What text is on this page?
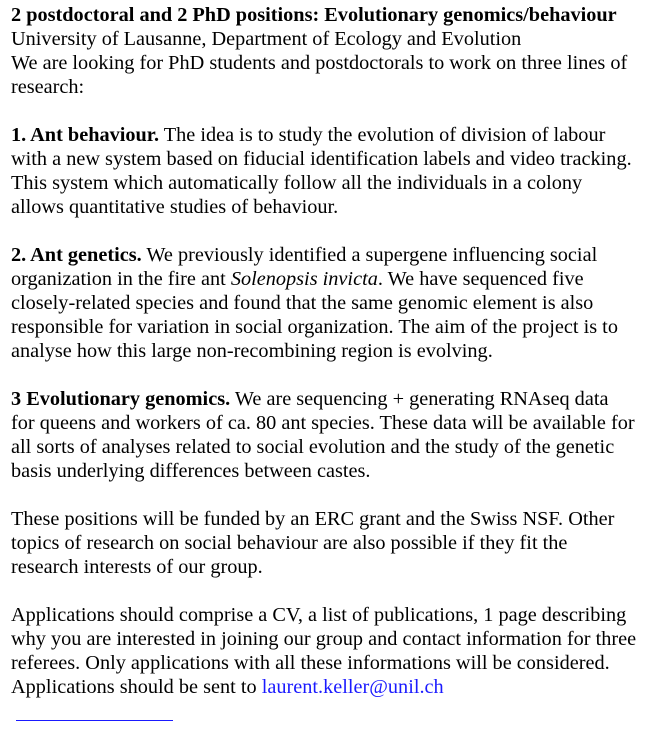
2 postdoctoral and 2 PhD positions: Evolutionary genomics/behaviour
University of Lausanne, Department of Ecology and Evolution
We are looking for PhD students and postdoctorals to work on three lines of
research:
1. Ant behaviour. The idea is to study the evolution of division of labour
with a new system based on fiducial identification labels and video tracking.
This system which automatically follow all the individuals in a colony
allows quantitative studies of behaviour.
2. Ant genetics. We previously identified a supergene influencing social
organization in the fire ant Solenopsis invicta. We have sequenced five
closely-related species and found that the same genomic element is also
responsible for variation in social organization. The aim of the project is to
analyse how this large non-recombining region is evolving.
3 Evolutionary genomics. We are sequencing + generating RNAseq data
for queens and workers of ca. 80 ant species. These data will be available for
all sorts of analyses related to social evolution and the study of the genetic
basis underlying differences between castes.
These positions will be funded by an ERC grant and the Swiss NSF. Other
topics of research on social behaviour are also possible if they fit the
research interests of our group.
Applications should comprise a CV, a list of publications, 1 page describing
why you are interested in joining our group and contact information for three
referees. Only applications with all these informations will be considered.
Applications should be sent to laurent.keller@unil.ch
